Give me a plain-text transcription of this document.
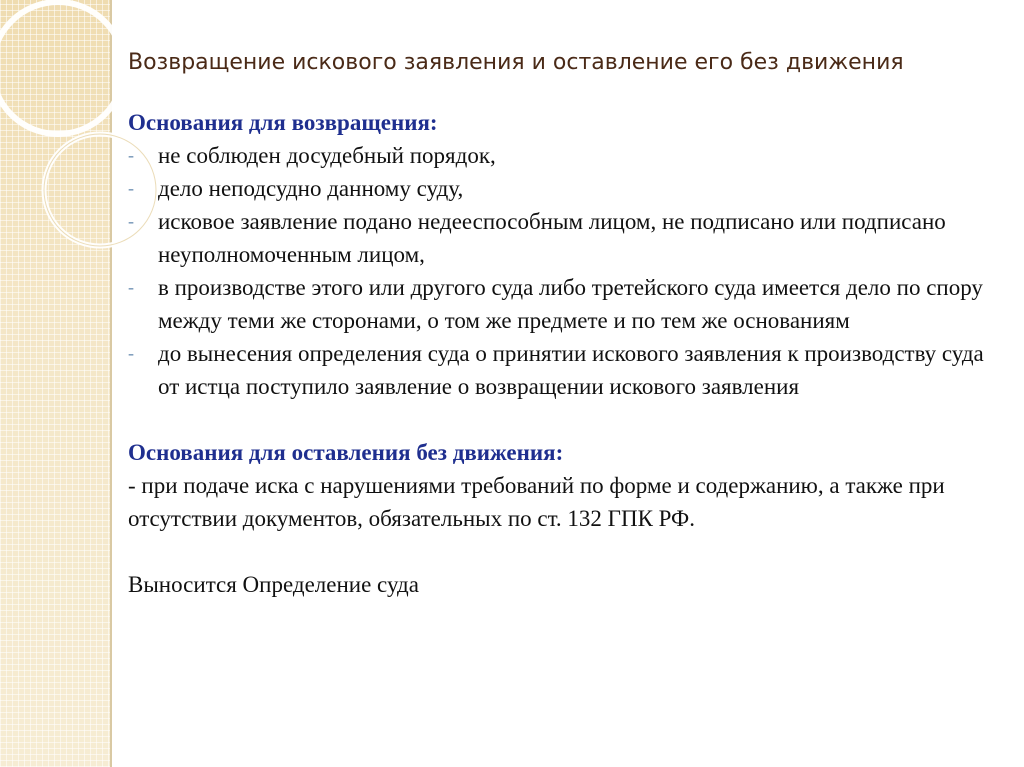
Возвращение искового заявления и оставление его без движения
Основания для возвращения:
- не соблюден досудебный порядок,
- дело неподсудно данному суду,
- исковое заявление подано недееспособным лицом, не подписано или подписано неуполномоченным лицом,
- в производстве этого или другого суда либо третейского суда имеется дело по спору между теми же сторонами, о том же предмете и по тем же основаниям
- до вынесения определения суда о принятии искового заявления к производству суда от истца поступило заявление о возвращении искового заявления
Основания для оставления без движения:
- при подаче иска с нарушениями требований по форме и содержанию, а также при отсутствии документов, обязательных по ст. 132 ГПК РФ.
Выносится Определение суда
